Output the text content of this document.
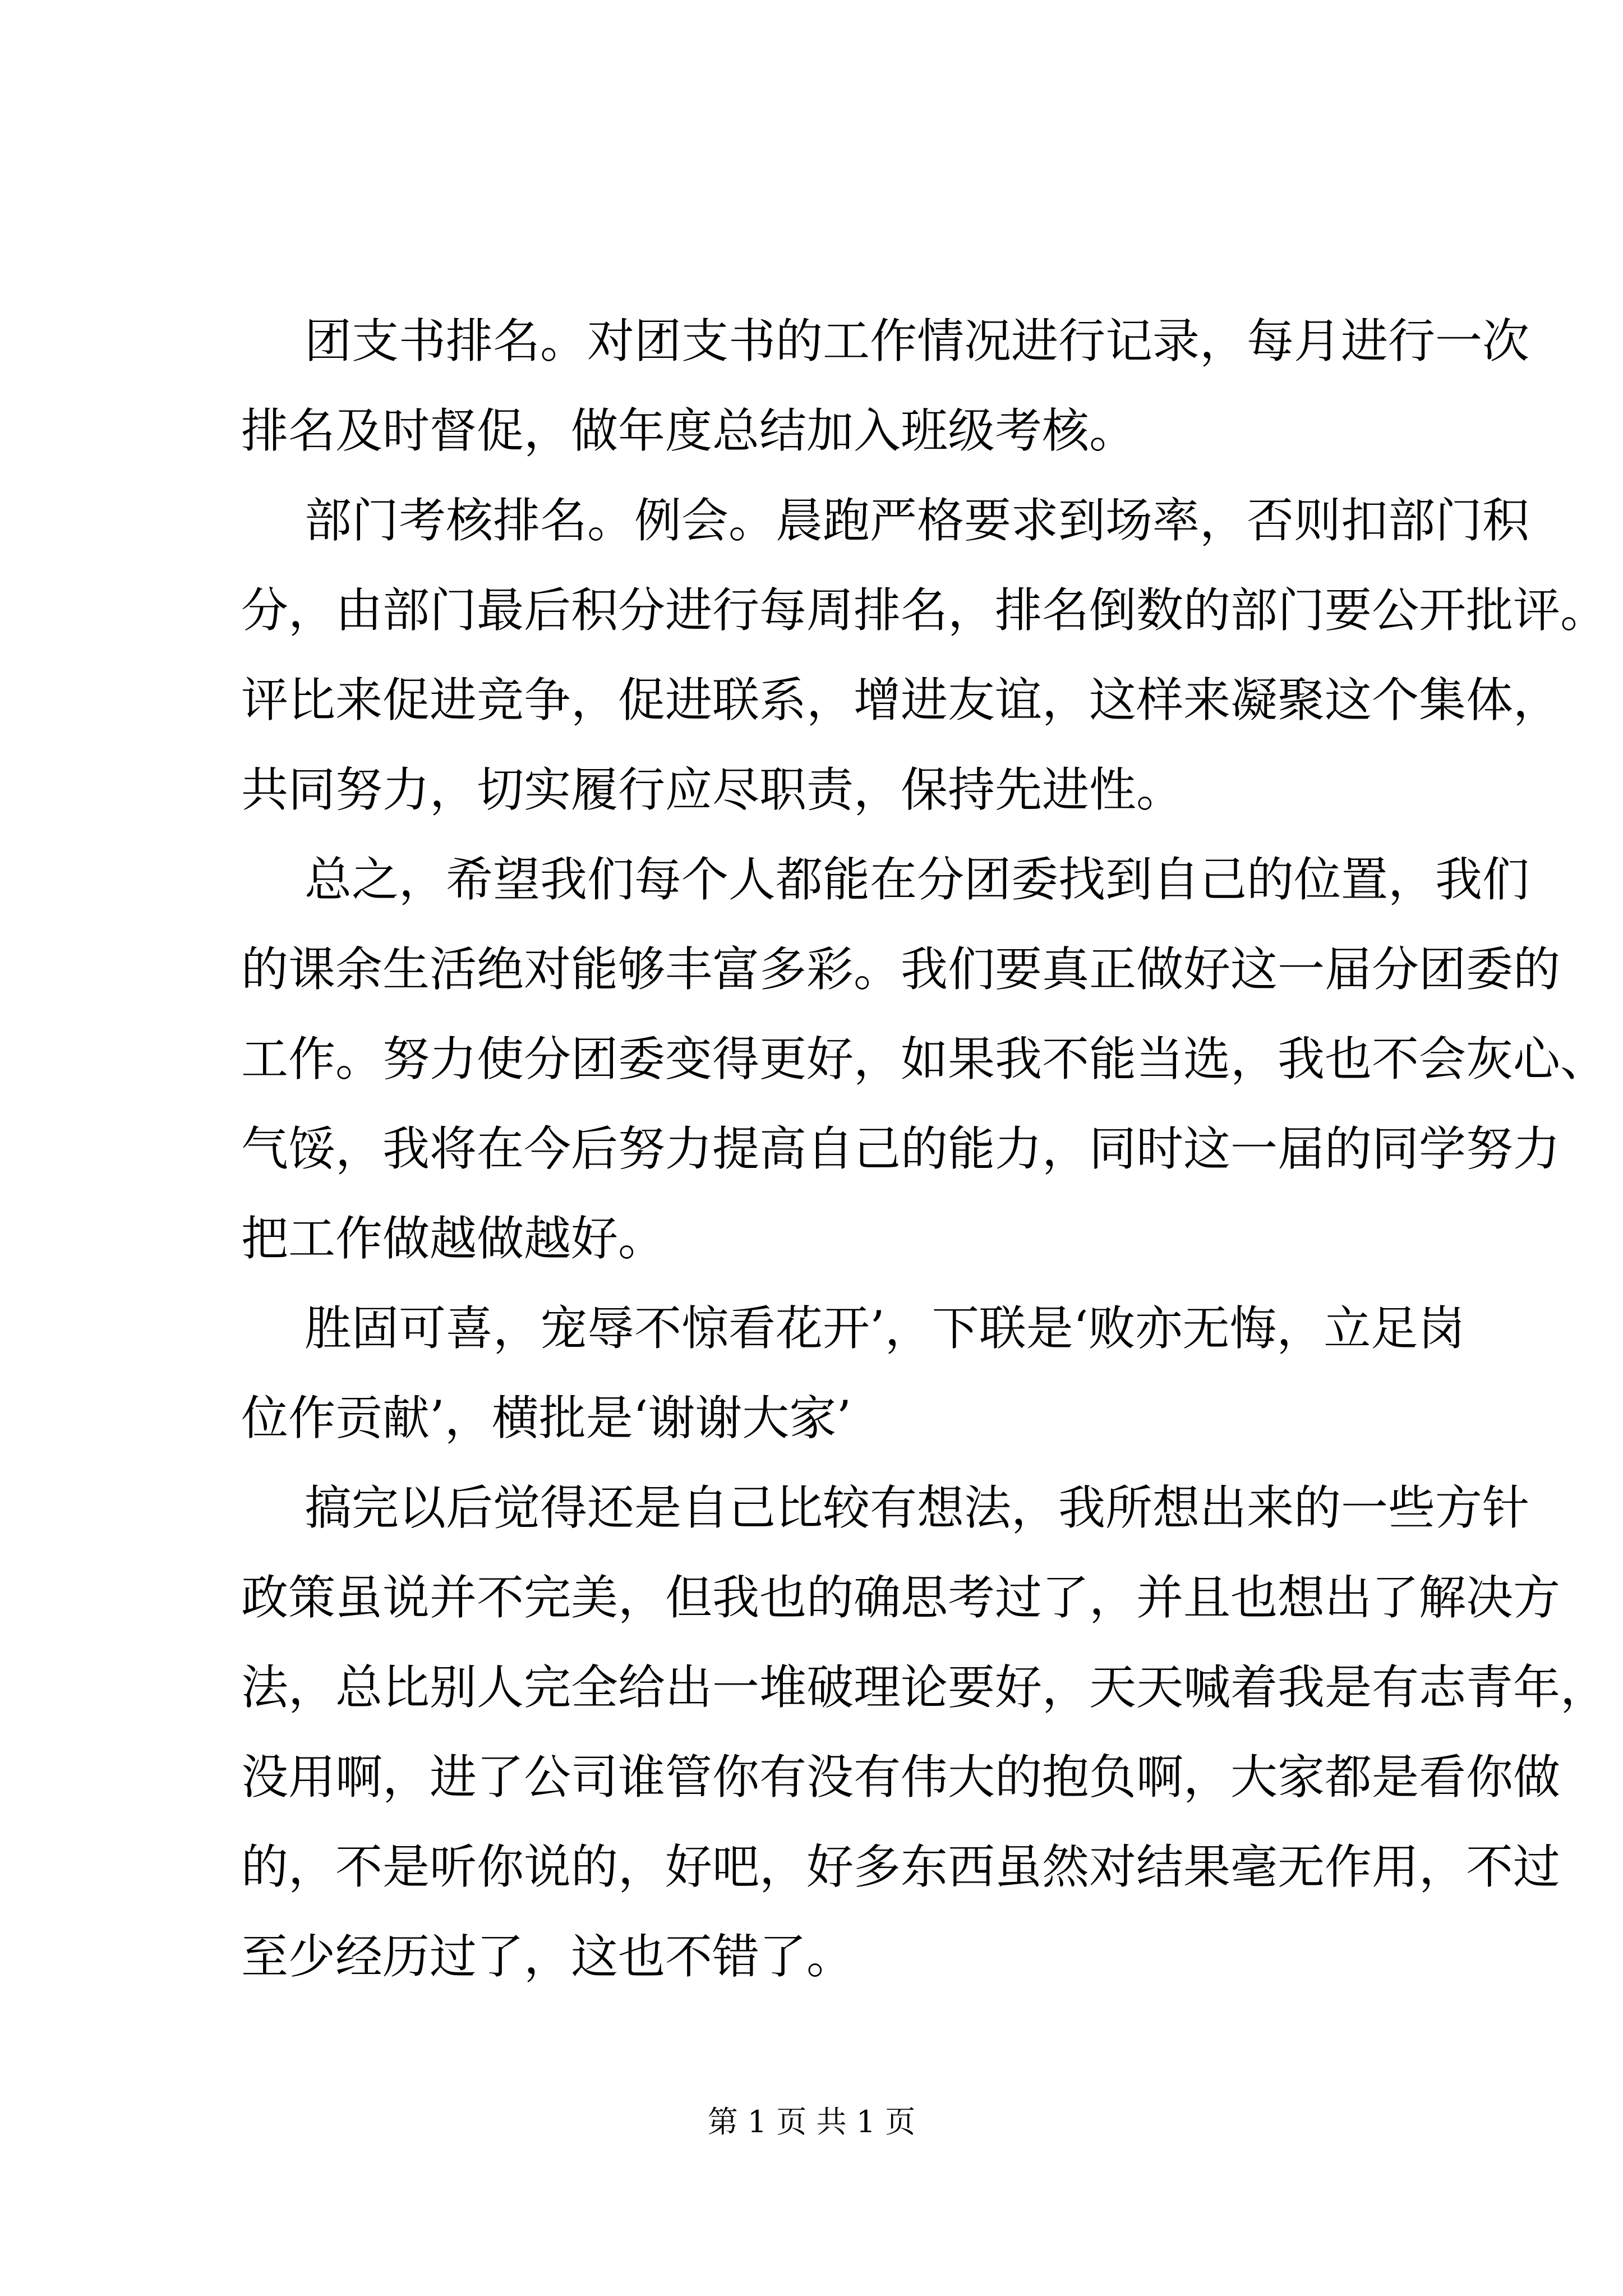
团支书排名。对团支书的工作情况进行记录，每月进行一次
排名及时督促，做年度总结加入班级考核。
部门考核排名。例会。晨跑严格要求到场率，否则扣部门积
分，由部门最后积分进行每周排名，排名倒数的部门要公开批评。
评比来促进竞争，促进联系，增进友谊，这样来凝聚这个集体，
共同努力，切实履行应尽职责，保持先进性。
总之，希望我们每个人都能在分团委找到自己的位置，我们
的课余生活绝对能够丰富多彩。我们要真正做好这一届分团委的
工作。努力使分团委变得更好，如果我不能当选，我也不会灰心、
气馁，我将在今后努力提高自己的能力，同时这一届的同学努力
把工作做越做越好。
胜固可喜，宠辱不惊看花开’，下联是‘败亦无悔，立足岗
位作贡献’，横批是‘谢谢大家’
搞完以后觉得还是自己比较有想法，我所想出来的一些方针
政策虽说并不完美，但我也的确思考过了，并且也想出了解决方
法，总比别人完全给出一堆破理论要好，天天喊着我是有志青年，
没用啊，进了公司谁管你有没有伟大的抱负啊，大家都是看你做
的，不是听你说的，好吧，好多东西虽然对结果毫无作用，不过
至少经历过了，这也不错了。
第 1 页 共 1 页
